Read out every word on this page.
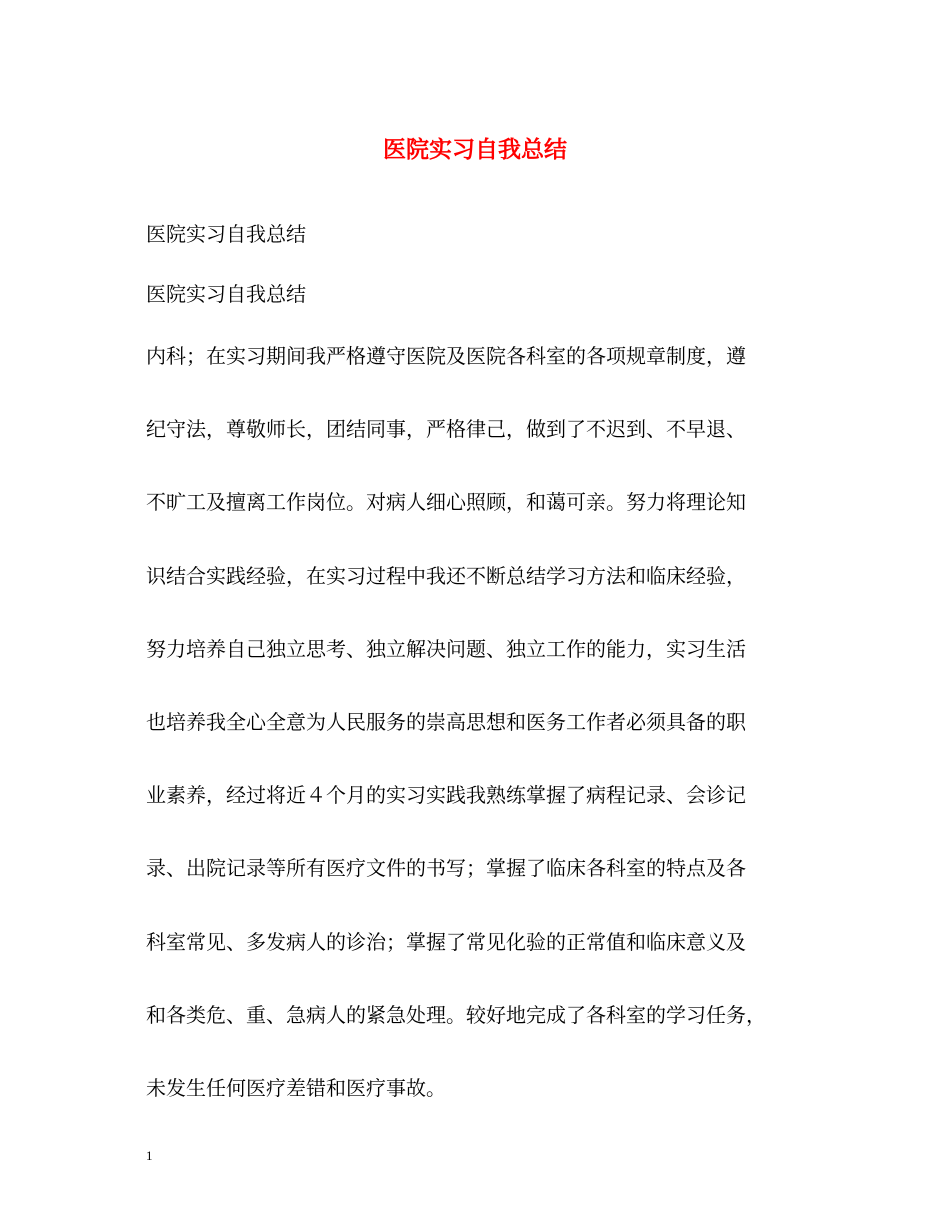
医院实习自我总结

医院实习自我总结

医院实习自我总结

内科；在实习期间我严格遵守医院及医院各科室的各项规章制度，遵
纪守法，尊敬师长，团结同事，严格律己，做到了不迟到、不早退、
不旷工及擅离工作岗位。对病人细心照顾，和蔼可亲。努力将理论知
识结合实践经验，在实习过程中我还不断总结学习方法和临床经验，
努力培养自己独立思考、独立解决问题、独立工作的能力，实习生活
也培养我全心全意为人民服务的崇高思想和医务工作者必须具备的职
业素养，经过将近４个月的实习实践我熟练掌握了病程记录、会诊记
录、出院记录等所有医疗文件的书写；掌握了临床各科室的特点及各
科室常见、多发病人的诊治；掌握了常见化验的正常值和临床意义及
和各类危、重、急病人的紧急处理。较好地完成了各科室的学习任务，
未发生任何医疗差错和医疗事故。
1
